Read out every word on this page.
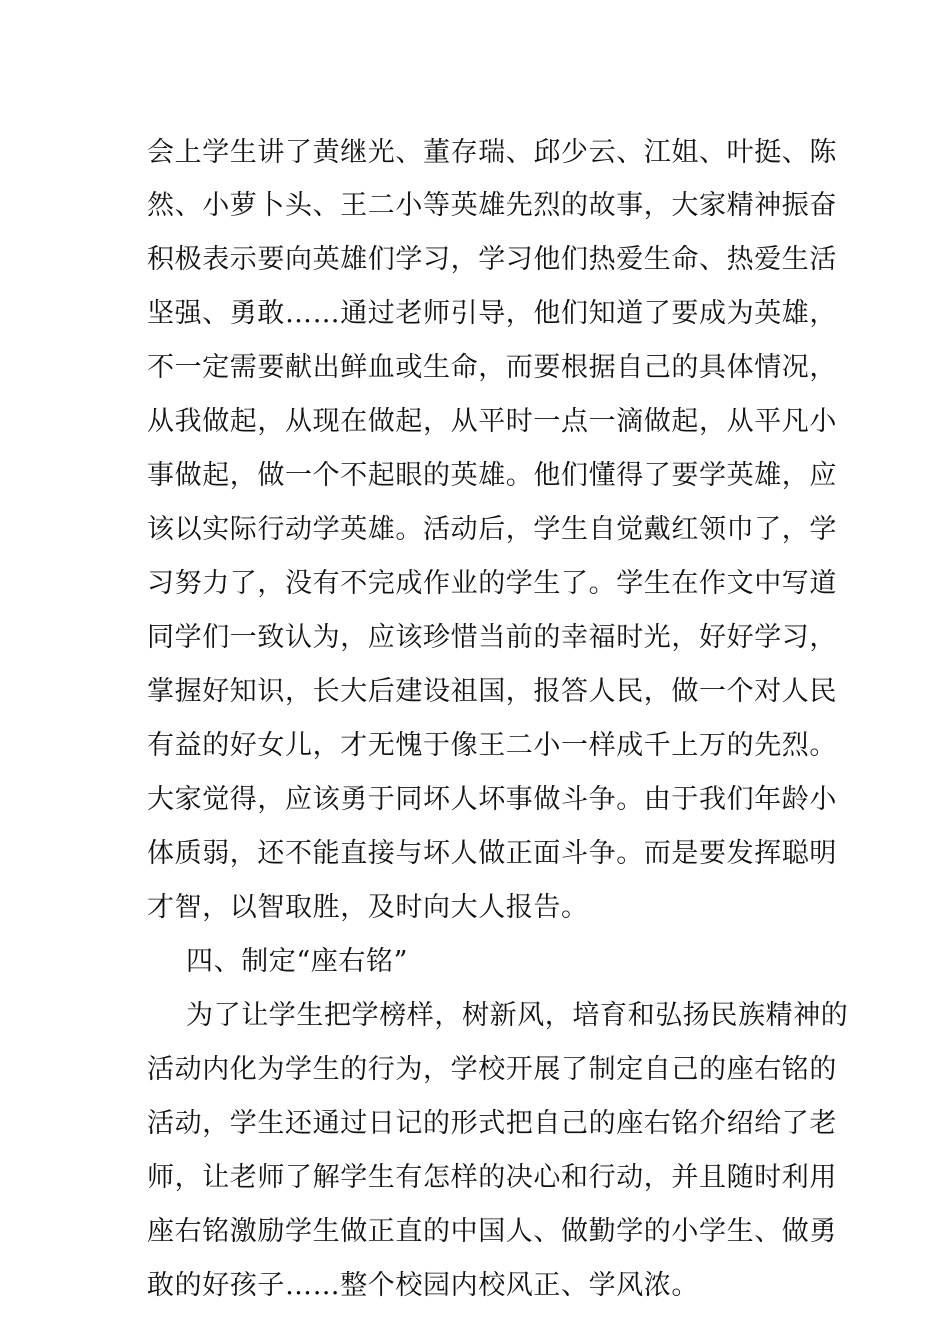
会上学生讲了黄继光、董存瑞、邱少云、江姐、叶挺、陈
然、小萝卜头、王二小等英雄先烈的故事，大家精神振奋
积极表示要向英雄们学习，学习他们热爱生命、热爱生活
坚强、勇敢……通过老师引导，他们知道了要成为英雄，
不一定需要献出鲜血或生命，而要根据自己的具体情况，
从我做起，从现在做起，从平时一点一滴做起，从平凡小
事做起，做一个不起眼的英雄。他们懂得了要学英雄，应
该以实际行动学英雄。活动后，学生自觉戴红领巾了，学
习努力了，没有不完成作业的学生了。学生在作文中写道
同学们一致认为，应该珍惜当前的幸福时光，好好学习，
掌握好知识，长大后建设祖国，报答人民，做一个对人民
有益的好女儿，才无愧于像王二小一样成千上万的先烈。
大家觉得，应该勇于同坏人坏事做斗争。由于我们年龄小
体质弱，还不能直接与坏人做正面斗争。而是要发挥聪明
才智，以智取胜，及时向大人报告。
四、制定“座右铭”
为了让学生把学榜样，树新风，培育和弘扬民族精神的
活动内化为学生的行为，学校开展了制定自己的座右铭的
活动，学生还通过日记的形式把自己的座右铭介绍给了老
师，让老师了解学生有怎样的决心和行动，并且随时利用
座右铭激励学生做正直的中国人、做勤学的小学生、做勇
敢的好孩子……整个校园内校风正、学风浓。
